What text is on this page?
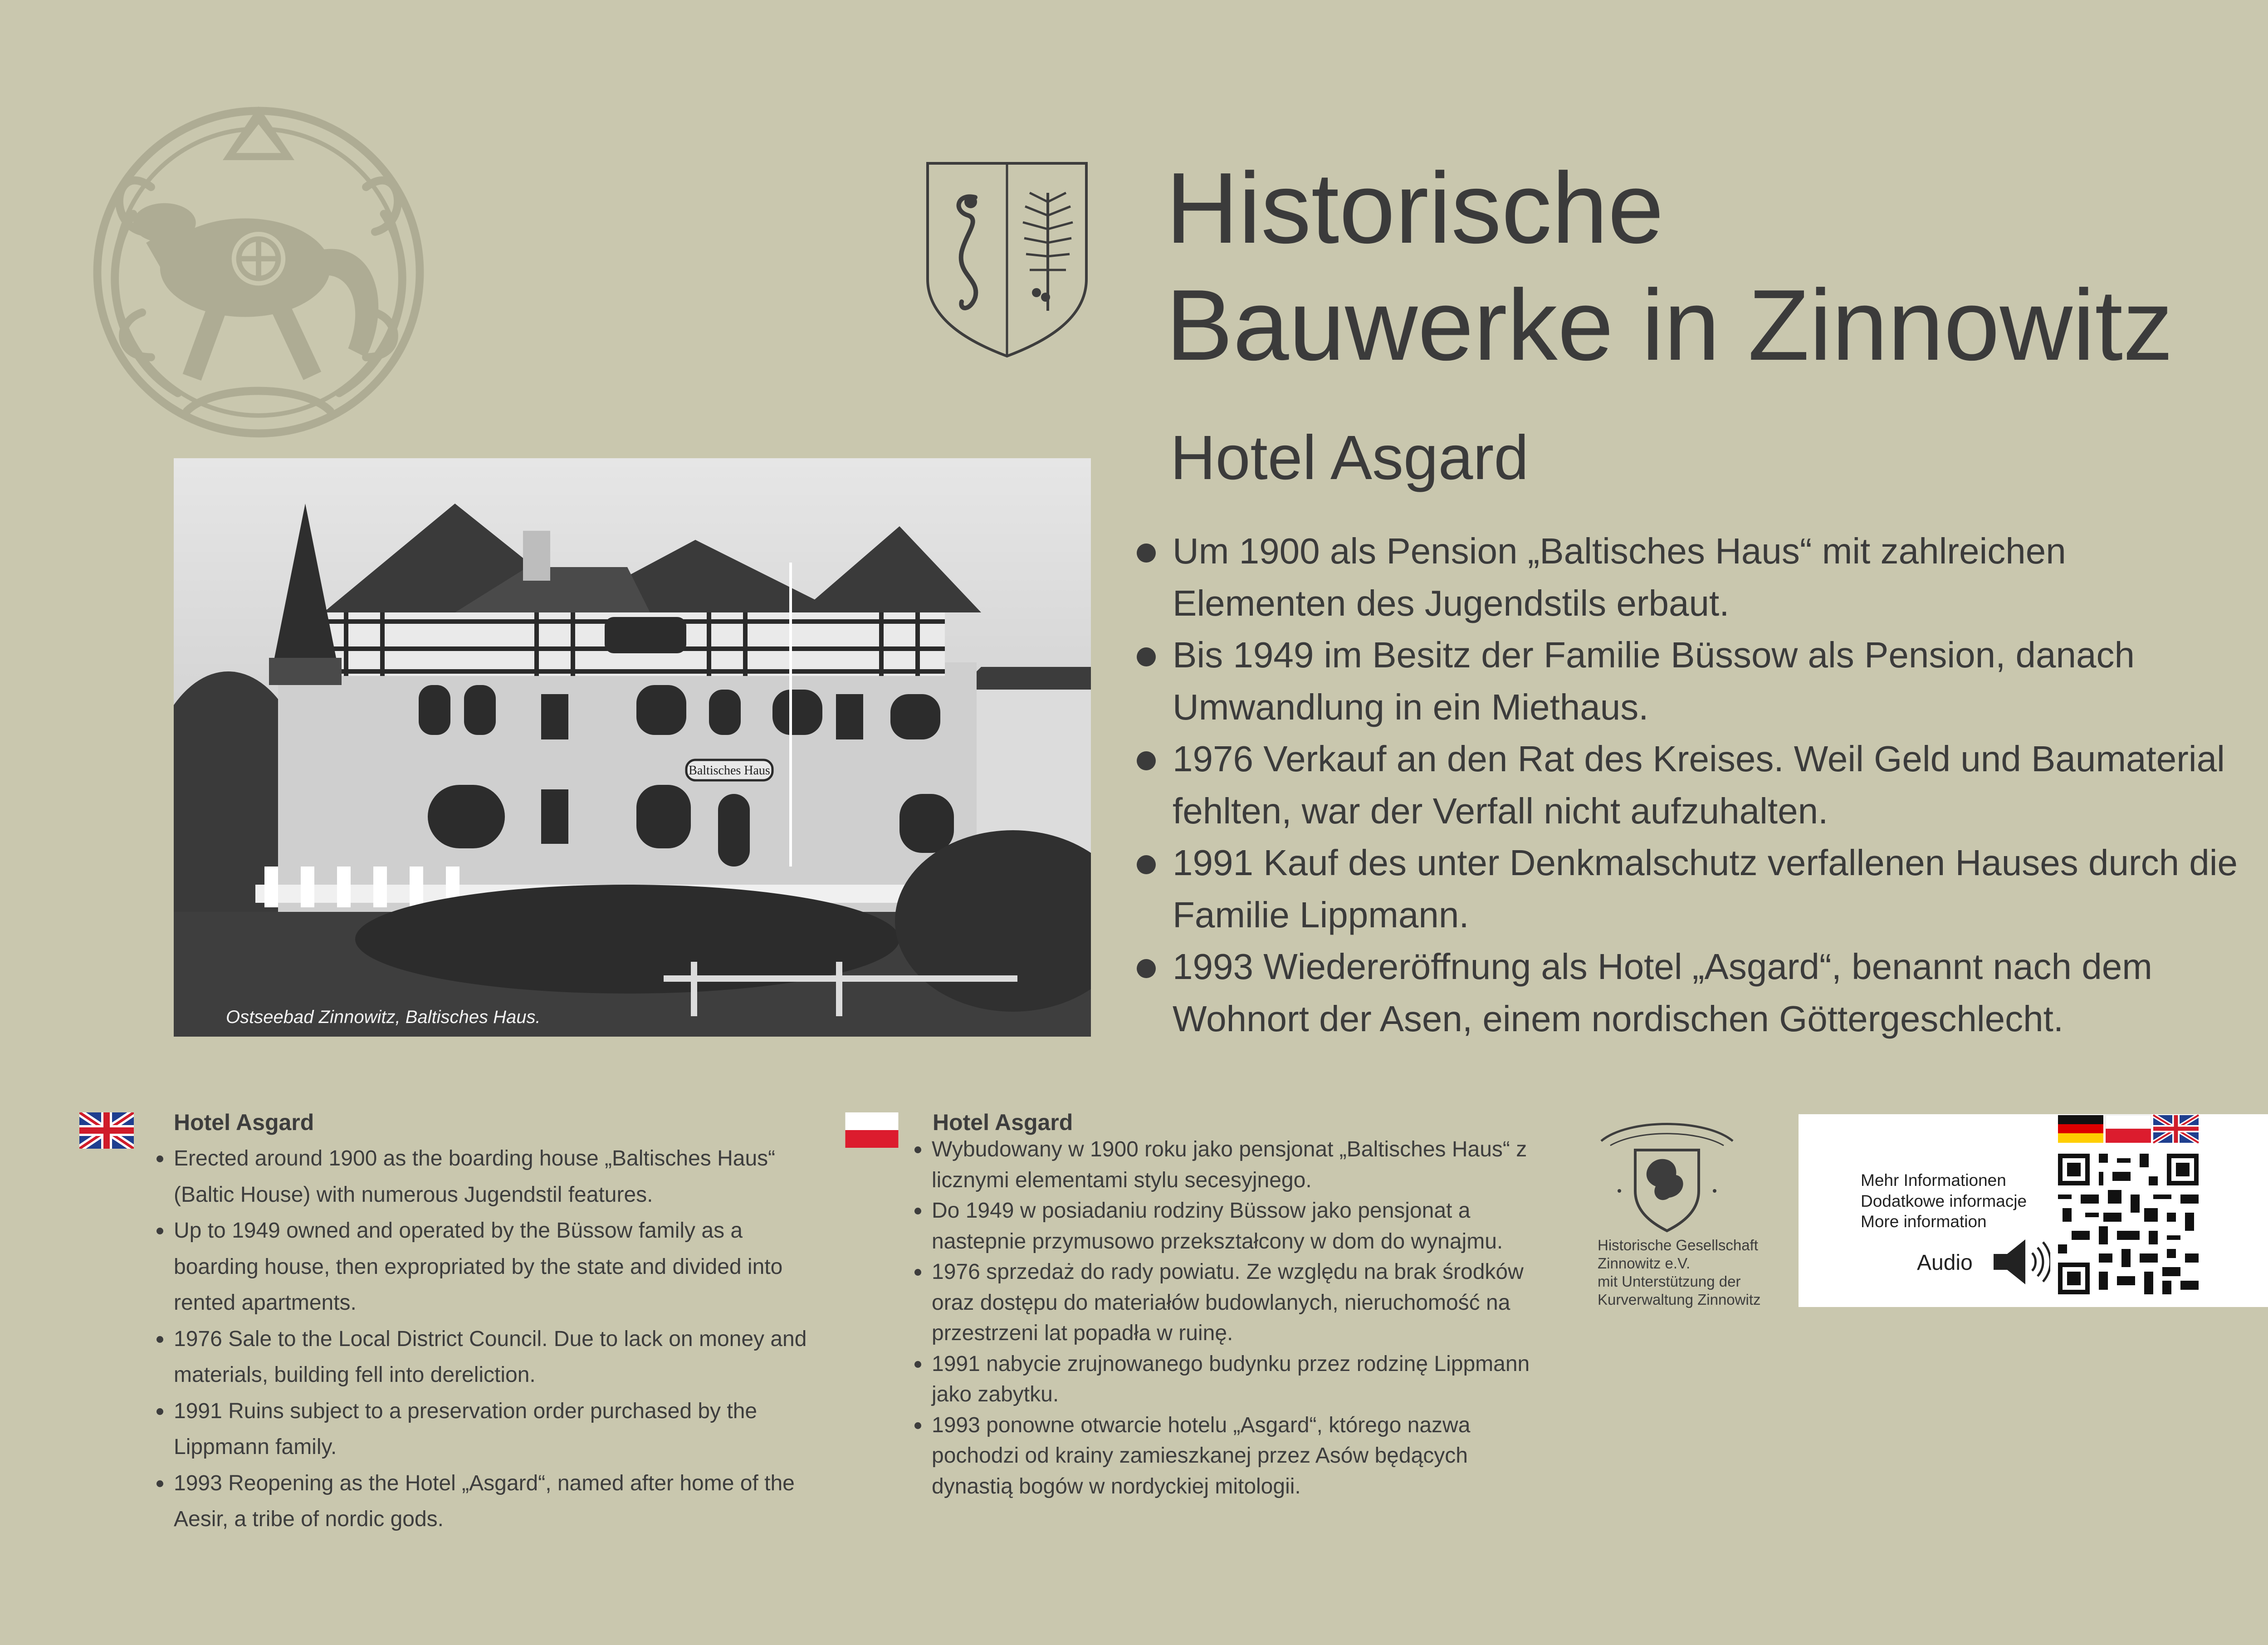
Historische
Bauwerke in Zinnowitz
Hotel Asgard
Baltisches Haus
Ostseebad Zinnowitz, Baltisches Haus.
Um 1900 als Pension „Baltisches Haus“ mit zahlreichen Elementen des Jugendstils erbaut.
Bis 1949 im Besitz der Familie Büssow als Pension, danach Umwandlung in ein Miethaus.
1976 Verkauf an den Rat des Kreises. Weil Geld und Baumaterial fehlten, war der Verfall nicht aufzuhalten.
1991 Kauf des unter Denkmalschutz verfallenen Hauses durch die Familie Lippmann.
1993 Wiedereröffnung als Hotel „Asgard“, benannt nach dem Wohnort der Asen, einem nordischen Göttergeschlecht.
Hotel Asgard
Erected around 1900 as the boarding house „Baltisches Haus“ (Baltic House) with numerous Jugendstil features.
Up to 1949 owned and operated by the Büssow family as a boarding house, then expropriated by the state and divided into rented apartments.
1976 Sale to the Local District Council. Due to lack on money and materials, building fell into dereliction.
1991 Ruins subject to a preservation order purchased by the Lippmann family.
1993 Reopening as the Hotel „Asgard“, named after home of the Aesir, a tribe of nordic gods.
Hotel Asgard
Wybudowany w 1900 roku jako pensjonat „Baltisches Haus“ z licznymi elementami stylu secesyjnego.
Do 1949 w posiadaniu rodziny Büssow jako pensjonat a nastepnie przymusowo przekształcony w dom do wynajmu.
1976 sprzedaż do rady powiatu. Ze względu na brak środków oraz dostępu do materiałów budowlanych, nieruchomość na przestrzeni lat popadła w ruinę.
1991 nabycie zrujnowanego budynku przez rodzinę Lippmann jako zabytku.
1993 ponowne otwarcie hotelu „Asgard“, którego nazwa pochodzi od krainy zamieszkanej przez Asów będących dynastią bogów w nordyckiej mitologii.
Historische Gesellschaft
Zinnowitz e.V.
mit Unterstützung der
Kurverwaltung Zinnowitz
Mehr Informationen
Dodatkowe informacje
More information
Audio
